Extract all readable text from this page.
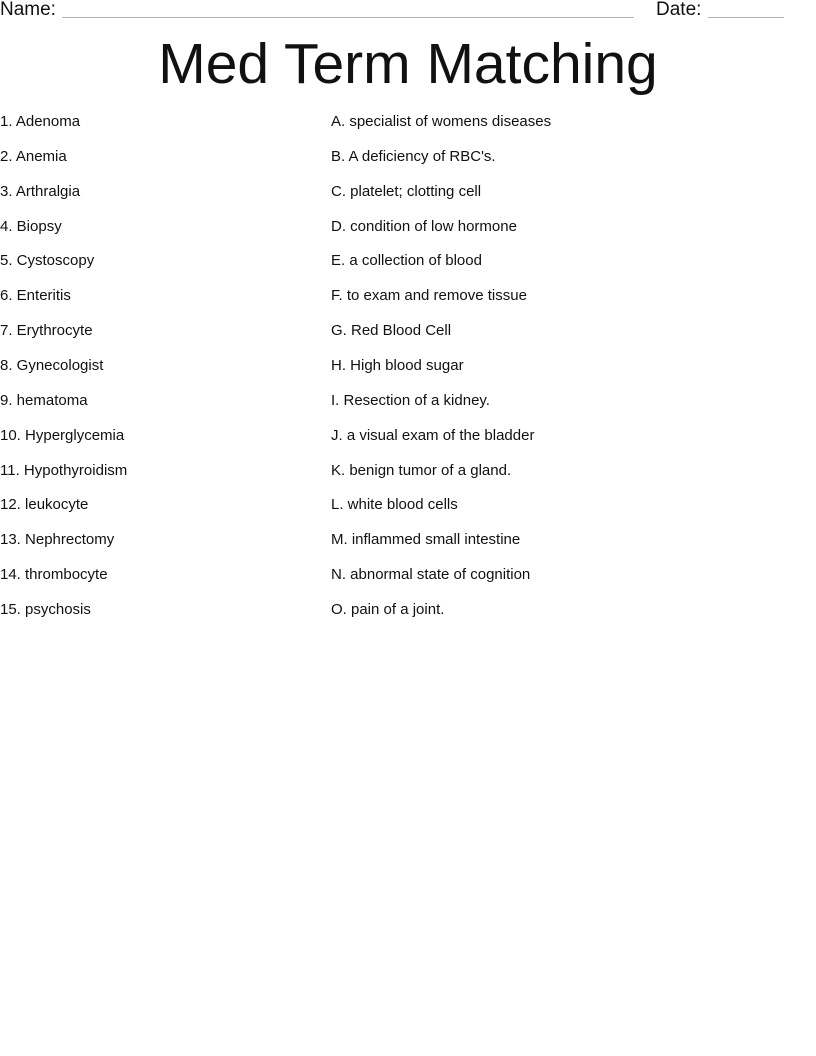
Name:	Date:
Med Term Matching
1. Adenoma
2. Anemia
3. Arthralgia
4. Biopsy
5. Cystoscopy
6. Enteritis
7. Erythrocyte
8. Gynecologist
9. hematoma
10. Hyperglycemia
11. Hypothyroidism
12. leukocyte
13. Nephrectomy
14. thrombocyte
15. psychosis
A. specialist of womens diseases
B. A deficiency of RBC's.
C. platelet; clotting cell
D. condition of low hormone
E. a collection of blood
F. to exam and remove tissue
G. Red Blood Cell
H. High blood sugar
I. Resection of a kidney.
J. a visual exam of the bladder
K. benign tumor of a gland.
L. white blood cells
M. inflammed small intestine
N. abnormal state of cognition
O. pain of a joint.
